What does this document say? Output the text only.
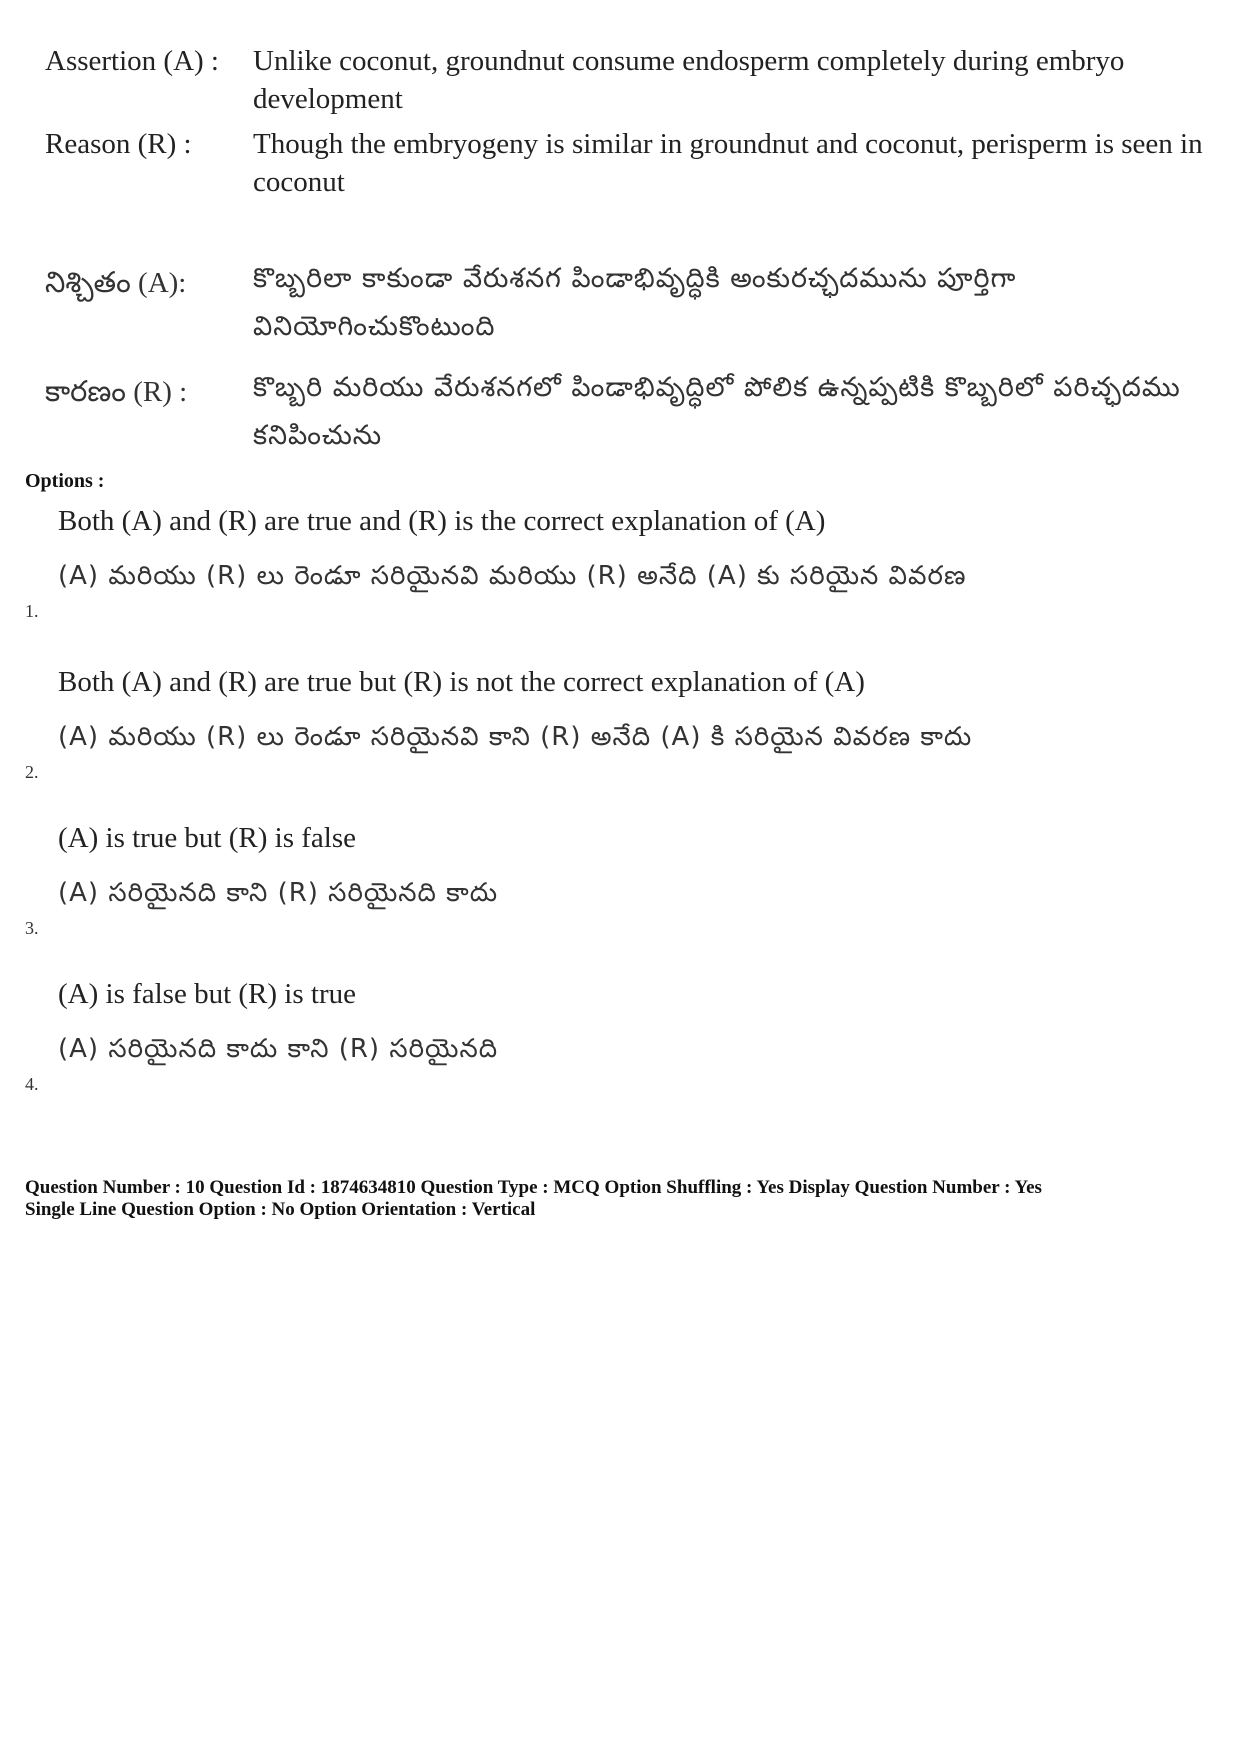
Assertion (A) :	Unlike coconut, groundnut consume endosperm completely during embryo development
Reason (R) :	Though the embryogeny is similar in groundnut and coconut, perisperm is seen in coconut
నిశ్చితం (A):	కొబ్బరిలా కాకుండా వేరుశనగ పిండాభివృద్ధికి అంకురచ్ఛదమును పూర్తిగా వినియోగించుకొంటుంది
కారణం (R) :	కొబ్బరి మరియు వేరుశనగలో పిండాభివృద్ధిలో పోలిక ఉన్నప్పటికి కొబ్బరిలో పరిచ్ఛదము కనిపించును
Options :
Both (A) and (R) are true and (R) is the correct explanation of (A)
(A) మరియు (R) లు రెండూ సరియైనవి మరియు (R) అనేది (A) కు సరియైన వివరణ
1.
Both (A) and (R) are true but (R) is not the correct explanation of (A)
(A) మరియు (R) లు రెండూ సరియైనవి కాని (R) అనేది (A) కి సరియైన వివరణ కాదు
2.
(A) is true but (R) is false
(A) సరియైనది కాని (R) సరియైనది కాదు
3.
(A) is false but (R) is true
(A) సరియైనది కాదు కాని (R) సరియైనది
4.
Question Number : 10 Question Id : 1874634810 Question Type : MCQ Option Shuffling : Yes Display Question Number : Yes
Single Line Question Option : No Option Orientation : Vertical
